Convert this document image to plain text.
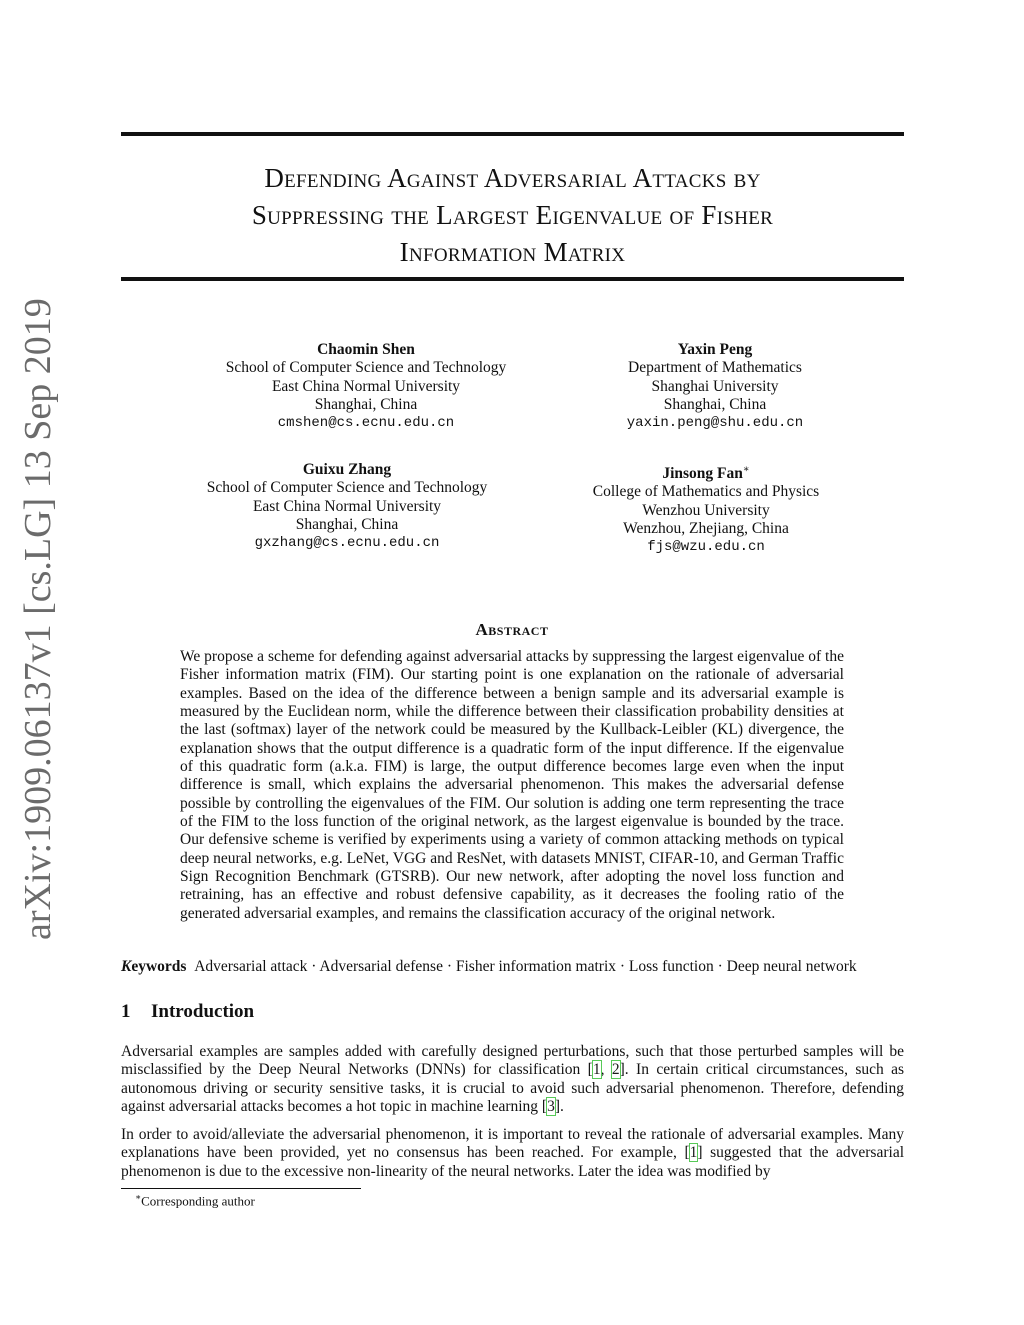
arXiv:1909.06137v1 [cs.LG] 13 Sep 2019
Defending Against Adversarial Attacks by
Suppressing the Largest Eigenvalue of Fisher
Information Matrix
Chaomin Shen
School of Computer Science and Technology
East China Normal University
Shanghai, China
cmshen@cs.ecnu.edu.cn
Yaxin Peng
Department of Mathematics
Shanghai University
Shanghai, China
yaxin.peng@shu.edu.cn
Guixu Zhang
School of Computer Science and Technology
East China Normal University
Shanghai, China
gxzhang@cs.ecnu.edu.cn
Jinsong Fan∗
College of Mathematics and Physics
Wenzhou University
Wenzhou, Zhejiang, China
fjs@wzu.edu.cn
Abstract
We propose a scheme for defending against adversarial attacks by suppressing the largest eigenvalue of the Fisher information matrix (FIM). Our starting point is one explanation on the rationale of adversarial examples. Based on the idea of the difference between a benign sample and its adversarial example is measured by the Euclidean norm, while the difference between their classification probability densities at the last (softmax) layer of the network could be measured by the Kullback-Leibler (KL) divergence, the explanation shows that the output difference is a quadratic form of the input difference. If the eigenvalue of this quadratic form (a.k.a. FIM) is large, the output difference becomes large even when the input difference is small, which explains the adversarial phenomenon. This makes the adversarial defense possible by controlling the eigenvalues of the FIM. Our solution is adding one term representing the trace of the FIM to the loss function of the original network, as the largest eigenvalue is bounded by the trace. Our defensive scheme is verified by experiments using a variety of common attacking methods on typical deep neural networks, e.g. LeNet, VGG and ResNet, with datasets MNIST, CIFAR-10, and German Traffic Sign Recognition Benchmark (GTSRB). Our new network, after adopting the novel loss function and retraining, has an effective and robust defensive capability, as it decreases the fooling ratio of the generated adversarial examples, and remains the classification accuracy of the original network.
Keywords Adversarial attack · Adversarial defense · Fisher information matrix · Loss function · Deep neural network
1 Introduction
Adversarial examples are samples added with carefully designed perturbations, such that those perturbed samples will be misclassified by the Deep Neural Networks (DNNs) for classification [1, 2]. In certain critical circumstances, such as autonomous driving or security sensitive tasks, it is crucial to avoid such adversarial phenomenon. Therefore, defending against adversarial attacks becomes a hot topic in machine learning [3].
In order to avoid/alleviate the adversarial phenomenon, it is important to reveal the rationale of adversarial examples. Many explanations have been provided, yet no consensus has been reached. For example, [1] suggested that the adversarial phenomenon is due to the excessive non-linearity of the neural networks. Later the idea was modified by
∗Corresponding author
